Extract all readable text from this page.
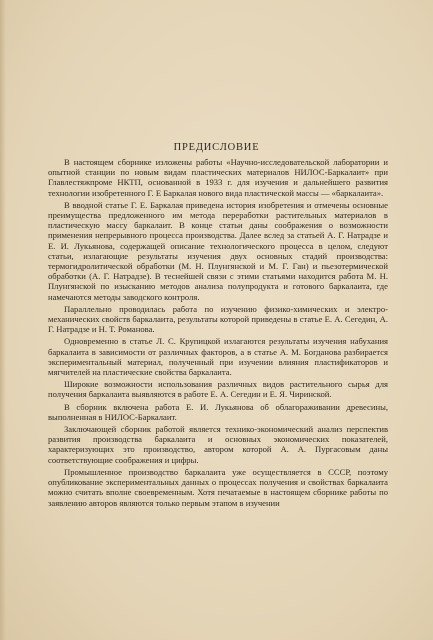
ПРЕДИСЛОВИЕ

В настоящем сборнике изложены работы «Научно-исследовательской лаборатории и опытной станции по новым видам пластических материалов НИЛОС-Баркалаит» при Главлестяжпроме НКТП, основанной в 1933 г. для изучения и дальнейшего развития технологии изобретенного Г. Е Баркалая нового вида пластической массы — «баркалаита».

В вводной статье Г. Е. Баркалая приведена история изобретения и отмечены основные преимущества предложенного им метода переработки растительных материалов в пластическую массу баркалаит. В конце статьи даны соображения о возможности применения непрерывного процесса производства. Далее вслед за статьей А. Г. Натрадзе и Е. И. Лукьянова, содержащей описание технологического процесса в целом, следуют статьи, излагающие результаты изучения двух основных стадий производства: термогидролитической обработки (М. Н. Плунгянской и М. Г. Ган) и пьезотермической обработки (А. Г. Натрадзе). В теснейшей связи с этими статьями находится работа М. Н. Плунгянской по изысканию методов анализа полупродукта и готового баркалаита, где намечаются методы заводского контроля.

Параллельно проводилась работа по изучению физико-химических и электро-механических свойств баркалаита, результаты которой приведены в статье Е. А. Сегедин, А. Г. Натрадзе и Н. Т. Романова.

Одновременно в статье Л. С. Крупицкой излагаются результаты изучения набухания баркалаита в зависимости от различных факторов, а в статье А. М. Богданова разбирается экспериментальный материал, полученный при изучении влияния пластификаторов и мягчителей на пластические свойства баркалаита.

Широкие возможности использования различных видов растительного сырья для получения баркалаита выявляются в работе Е. А. Сегедин и Е. Я. Чиринской.

В сборник включена работа Е. И. Лукьянова об облагораживании древесины, выполненная в НИЛОС-Баркалаит.

Заключающей сборник работой является технико-экономический анализ перспектив развития производства баркалаита и основных экономических показателей, характеризующих это производство, автором которой А. А. Пургасовым даны соответствующие соображения и цифры.

Промышленное производство баркалаита уже осуществляется в СССР, поэтому опубликование экспериментальных данных о процессах получения и свойствах баркалаита можно считать вполне своевременным. Хотя печатаемые в настоящем сборнике работы по заявлению авторов являются только первым этапом в изучении
